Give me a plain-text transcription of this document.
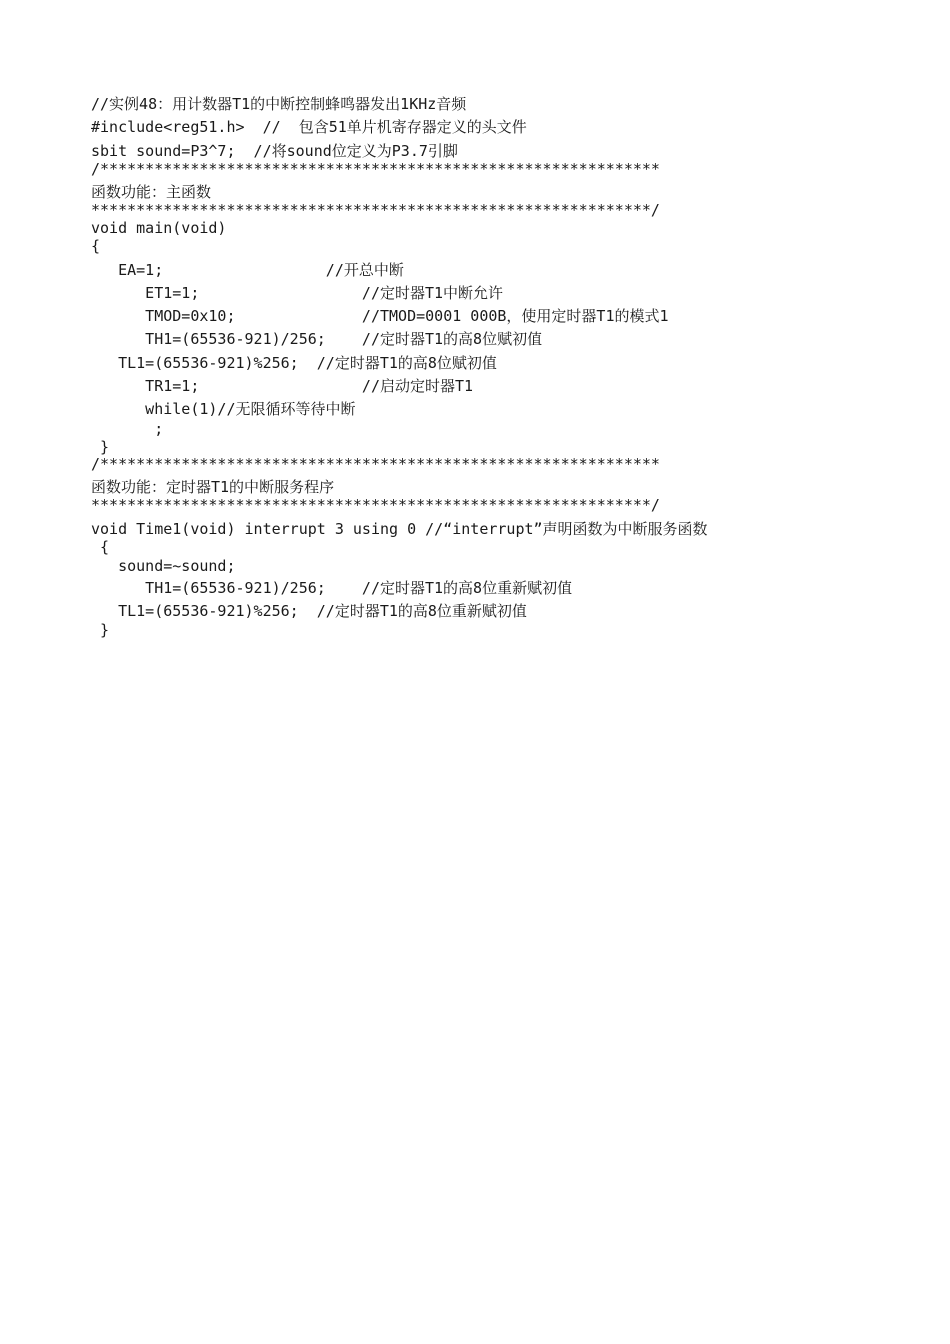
//实例48：用计数器T1的中断控制蜂鸣器发出1KHz音频
#include<reg51.h>  //  包含51单片机寄存器定义的头文件
sbit sound=P3^7;  //将sound位定义为P3.7引脚
/**************************************************************
函数功能：主函数
**************************************************************/
void main(void)
{
EA=1;                  //开总中断
ET1=1;                  //定时器T1中断允许
TMOD=0x10;              //TMOD=0001 000B，使用定时器T1的模式1
TH1=(65536-921)/256;    //定时器T1的高8位赋初值
TL1=(65536-921)%256;  //定时器T1的高8位赋初值
TR1=1;                  //启动定时器T1
while(1)//无限循环等待中断
;
}
/**************************************************************
函数功能：定时器T1的中断服务程序
**************************************************************/
void Time1(void) interrupt 3 using 0 //“interrupt”声明函数为中断服务函数
{
sound=~sound;
TH1=(65536-921)/256;    //定时器T1的高8位重新赋初值
TL1=(65536-921)%256;  //定时器T1的高8位重新赋初值
}
